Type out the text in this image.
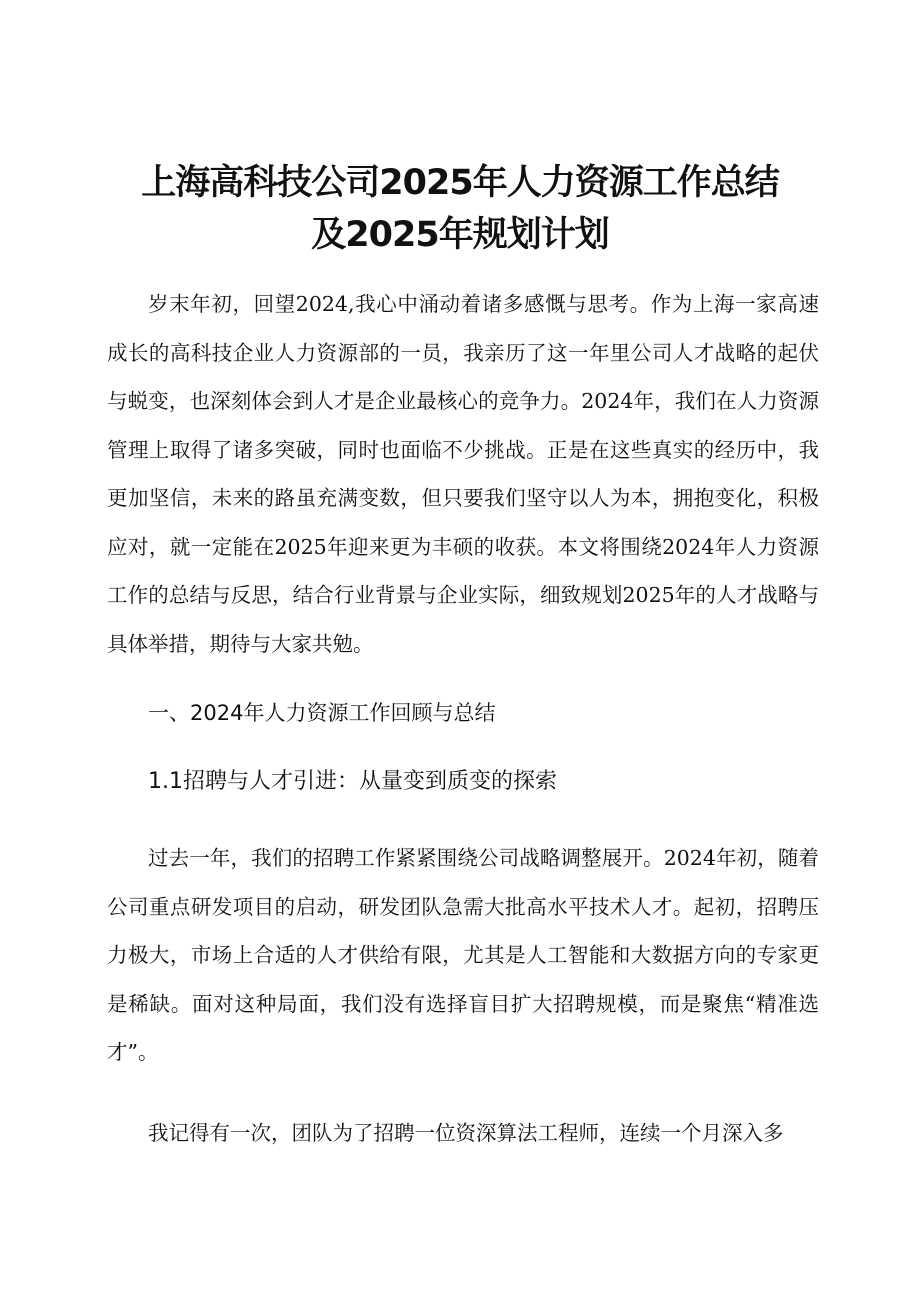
上海高科技公司2025年人力资源工作总结
及2025年规划计划

岁末年初，回望2024,我心中涌动着诸多感慨与思考。作为上海一家高速成长的高科技企业人力资源部的一员，我亲历了这一年里公司人才战略的起伏与蜕变，也深刻体会到人才是企业最核心的竞争力。2024年，我们在人力资源管理上取得了诸多突破，同时也面临不少挑战。正是在这些真实的经历中，我更加坚信，未来的路虽充满变数，但只要我们坚守以人为本，拥抱变化，积极应对，就一定能在2025年迎来更为丰硕的收获。本文将围绕2024年人力资源工作的总结与反思，结合行业背景与企业实际，细致规划2025年的人才战略与具体举措，期待与大家共勉。

一、2024年人力资源工作回顾与总结
1.1招聘与人才引进：从量变到质变的探索

过去一年，我们的招聘工作紧紧围绕公司战略调整展开。2024年初，随着公司重点研发项目的启动，研发团队急需大批高水平技术人才。起初，招聘压力极大，市场上合适的人才供给有限，尤其是人工智能和大数据方向的专家更是稀缺。面对这种局面，我们没有选择盲目扩大招聘规模，而是聚焦“精准选才”。

我记得有一次，团队为了招聘一位资深算法工程师，连续一个月深入多
